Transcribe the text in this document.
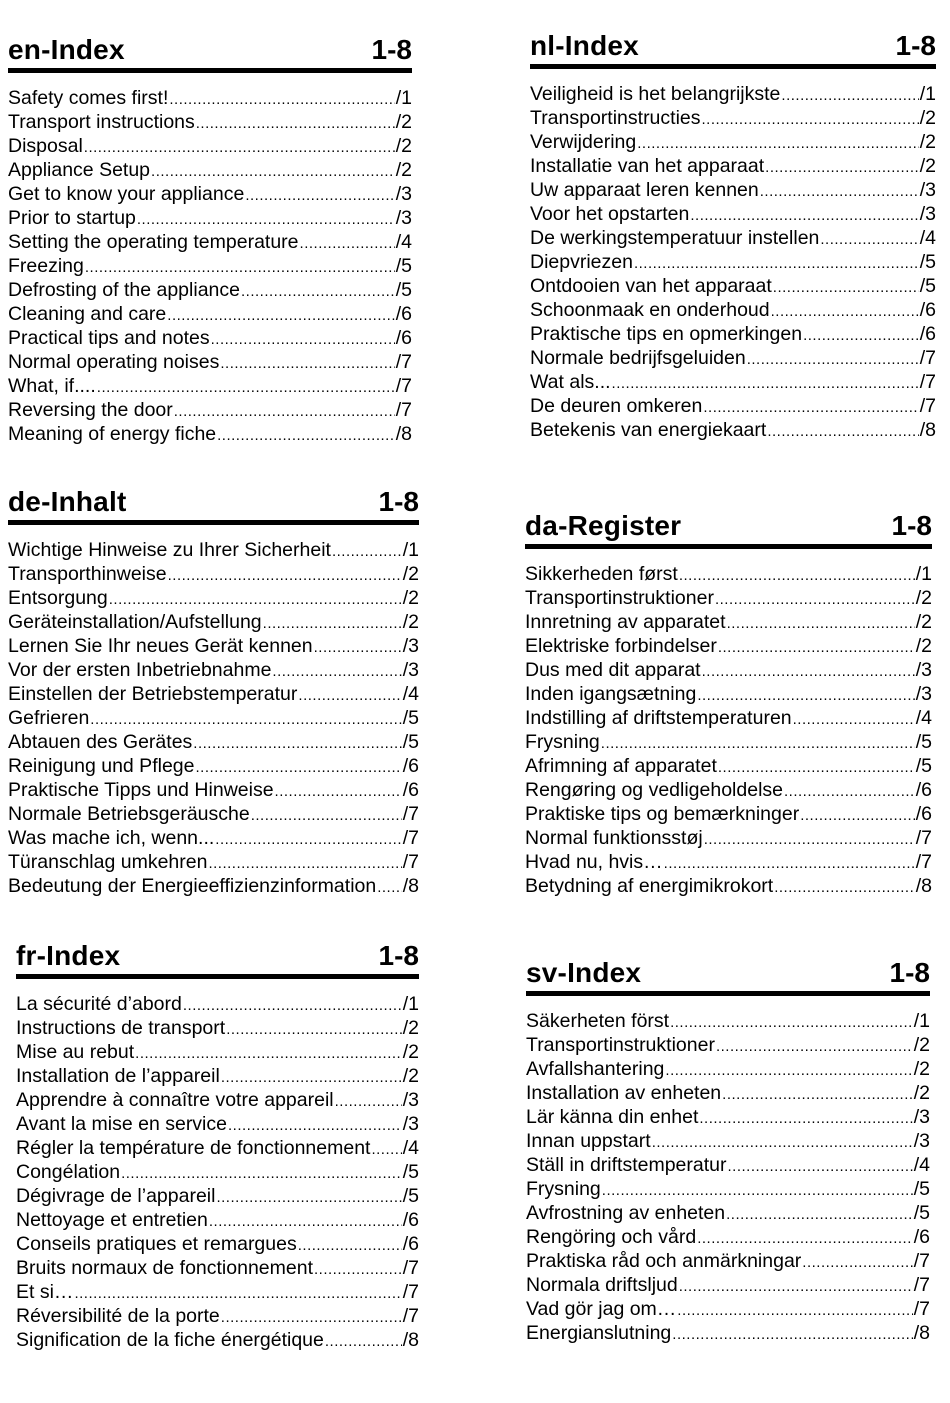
en-Index	1-8
Safety comes first! .....	/1
Transport instructions .....	/2
Disposal .....	/2
Appliance Setup .....	/2
Get to know your appliance .....	/3
Prior to startup .....	/3
Setting the operating temperature .....	/4
Freezing .....	/5
Defrosting of the appliance .....	/5
Cleaning and care .....	/6
Practical tips and notes .....	/6
Normal operating noises .....	/7
What, if.... .....	/7
Reversing the door .....	/7
Meaning of energy fiche .....	/8
nl-Index	1-8
Veiligheid is het belangrijkste .....	/1
Transportinstructies .....	/2
Verwijdering .....	/2
Installatie van het apparaat .....	/2
Uw apparaat leren kennen .....	/3
Voor het opstarten .....	/3
De werkingstemperatuur instellen .....	/4
Diepvriezen .....	/5
Ontdooien van het apparaat .....	/5
Schoonmaak en onderhoud .....	/6
Praktische tips en opmerkingen .....	/6
Normale bedrijfsgeluiden .....	/7
Wat als... .....	/7
De deuren omkeren .....	/7
Betekenis van energiekaart .....	/8
de-Inhalt	1-8
Wichtige Hinweise zu Ihrer Sicherheit .....	/1
Transporthinweise .....	/2
Entsorgung .....	/2
Geräteinstallation/Aufstellung .....	/2
Lernen Sie Ihr neues Gerät kennen .....	/3
Vor der ersten Inbetriebnahme .....	/3
Einstellen der Betriebstemperatur .....	/4
Gefrieren .....	/5
Abtauen des Gerätes .....	/5
Reinigung und Pflege .....	/6
Praktische Tipps und Hinweise .....	/6
Normale Betriebsgeräusche .....	/7
Was mache ich, wenn... .....	/7
Türanschlag umkehren .....	/7
Bedeutung der Energieeffizienzinformation ..... /8
da-Register	1-8
Sikkerheden først .....	/1
Transportinstruktioner .....	/2
Innretning av apparatet .....	/2
Elektriske forbindelser .....	/2
Dus med dit apparat .....	/3
Inden igangsætning .....	/3
Indstilling af driftstemperaturen .....	/4
Frysning .....	/5
Afrimning af apparatet .....	/5
Rengøring og vedligeholdelse .....	/6
Praktiske tips og bemærkninger .....	/6
Normal funktionsstøj .....	/7
Hvad nu, hvis… .....	/7
Betydning af energimikrokort .....	/8
fr-Index	1-8
La sécurité d’abord .....	/1
Instructions de transport .....	/2
Mise au rebut .....	/2
Installation de l’appareil .....	/2
Apprendre à connaître votre appareil .....	/3
Avant la mise en service .....	/3
Régler la température de fonctionnement ..... /4
Congélation .....	/5
Dégivrage de l’appareil .....	/5
Nettoyage et entretien .....	/6
Conseils pratiques et remargues .....	/6
Bruits normaux de fonctionnement .....	/7
Et si… .....	/7
Réversibilité de la porte .....	/7
Signification de la fiche énergétique .....	/8
sv-Index	1-8
Säkerheten först .....	/1
Transportinstruktioner .....	/2
Avfallshantering .....	/2
Installation av enheten .....	/2
Lär känna din enhet .....	/3
Innan uppstart .....	/3
Ställ in driftstemperatur .....	/4
Frysning .....	/5
Avfrostning av enheten .....	/5
Rengöring och vård .....	/6
Praktiska råd och anmärkningar .....	/7
Normala driftsljud .....	/7
Vad gör jag om… .....	/7
Energianslutning .....	/8
